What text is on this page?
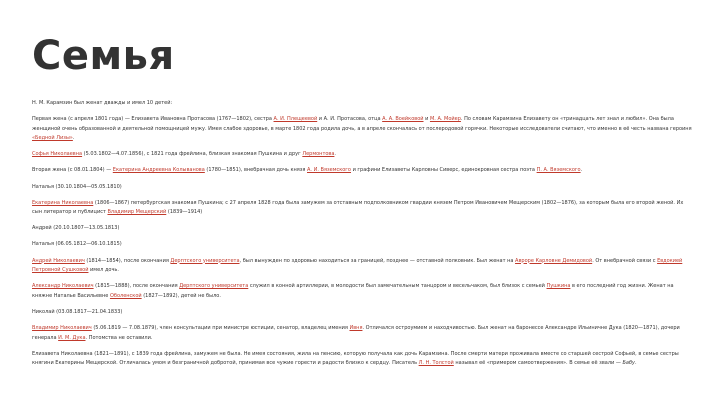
Семья

Н. М. Карамзин был женат дважды и имел 10 детей:

Первая жена (с апреля 1801 года) — Елизавета Ивановна Протасова (1767—1802), сестра А. И. Плещеевой и А. И. Протасова, отца А. А. Воейковой и М. А. Мойер. По словам Карамзина Елизавету он «тринадцать лет знал и любил». Она была женщиной очень образованной и деятельной помощницей мужу. Имея слабое здоровье, в марте 1802 года родила дочь, а в апреле скончалась от послеродовой горячки. Некоторые исследователи считают, что именно в её честь названа героиня «Бедной Лизы».

Софья Николаевна (5.03.1802—4.07.1856), с 1821 года фрейлина, близкая знакомая Пушкина и друг Лермонтова.

Вторая жена (с 08.01.1804) — Екатерина Андреевна Колыванова (1780—1851), внебрачная дочь князя А. И. Вяземского и графини Елизаветы Карловны Сиверс, единокровная сестра поэта П. А. Вяземского.

Наталья (30.10.1804—05.05.1810)

Екатерина Николаевна (1806—1867) петербургская знакомая Пушкина; с 27 апреля 1828 года была замужем за отставным подполковником гвардии князем Петром Ивановичем Мещерским (1802—1876), за которым была его второй женой. Их сын литератор и публицист Владимир Мещерский (1839—1914)

Андрей (20.10.1807—13.05.1813)

Наталья (06.05.1812—06.10.1815)

Андрей Николаевич (1814—1854), после окончания Дерптского университета, был вынужден по здоровью находиться за границей, позднее — отставной полковник. Был женат на Авроре Карловне Демидовой. От внебрачной связи с Евдокией Петровной Сушковой имел дочь.

Александр Николаевич (1815—1888), после окончания Дерптского университета служил в конной артиллерии, в молодости был замечательным танцором и весельчаком, был близок с семьей Пушкина в его последний год жизни. Женат на княжне Наталье Васильевне Оболенской (1827—1892), детей не было.

Николай (03.08.1817—21.04.1833)

Владимир Николаевич (5.06.1819 — 7.08.1879), член консультации при министре юстиции, сенатор, владелец имения Ивня. Отличался остроумием и находчивостью. Был женат на баронессе Александре Ильиничне Дука (1820—1871), дочери генерала И. М. Дука. Потомства не оставили.

Елизавета Николаевна (1821—1891), с 1839 года фрейлина, замужем не была. Не имея состояния, жила на пенсию, которую получала как дочь Карамзина. После смерти матери проживала вместе со старшей сестрой Софьей, в семье сестры княгини Екатерины Мещерской. Отличалась умом и безграничной добротой, принимая все чужие горести и радости близко к сердцу. Писатель Л. Н. Толстой называл её «примером самоотвержения». В семье её звали — Бабу.
